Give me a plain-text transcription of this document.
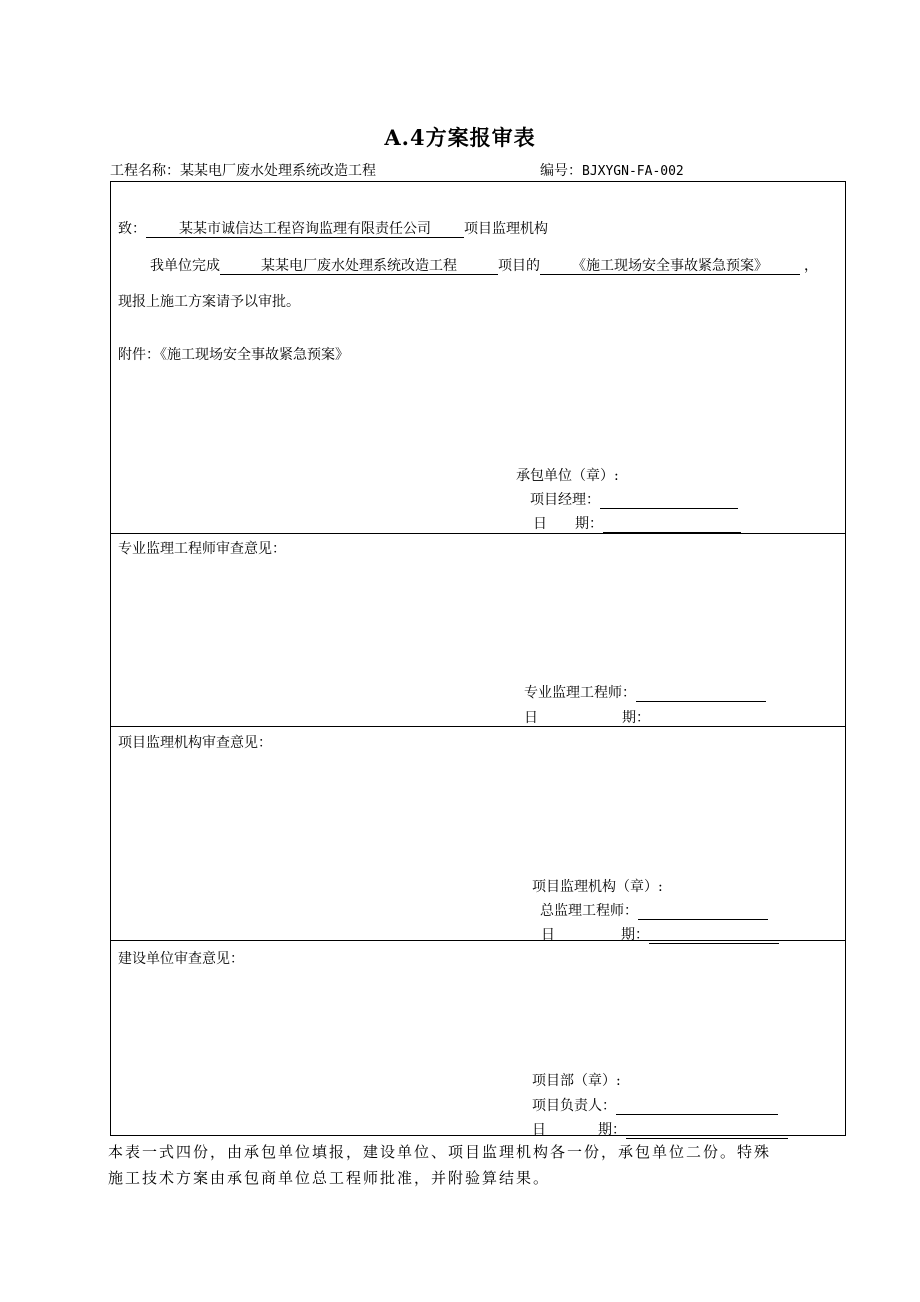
A.4方案报审表
工程名称：某某电厂废水处理系统改造工程	编号：BJXYGN-FA-002
致： 某某市诚信达工程咨询监理有限责任公司 项目监理机构
我单位完成	某某电厂废水处理系统改造工程	项目的 《施工现场安全事故紧急预案》	，
现报上施工方案请予以审批。
附件：《施工现场安全事故紧急预案》
承包单位（章）:
项目经理：
日 期：
专业监理工程师审查意见：
专业监理工程师：
日	期：
项目监理机构审查意见：
项目监理机构（章）:
总监理工程师：
日	期：
建设单位审查意见：
项目部（章）:
项目负责人：
日	期：
本表一式四份，由承包单位填报，建设单位、项目监理机构各一份，承包单位二份。特殊
施工技术方案由承包商单位总工程师批准，并附验算结果。
